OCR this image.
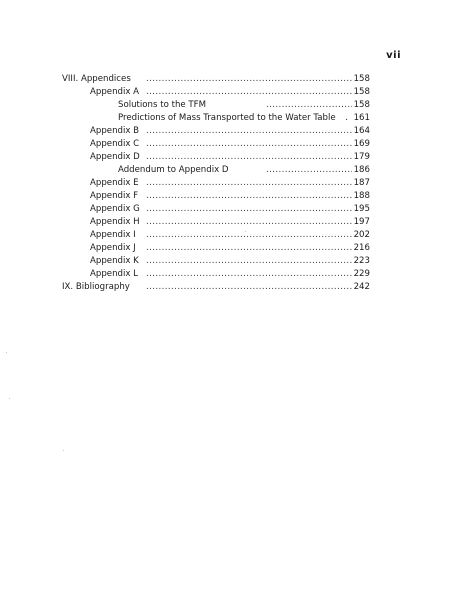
vii
.....
VIII. Appendices	158
.....
Appendix A	158
.....
Solutions to the TFM	158
.
Predictions of Mass Transported to the Water Table 161
.....
Appendix B	164
.....
Appendix C	169
.....
Appendix D	179
.....
Addendum to Appendix D	186
.....
Appendix E	187
.....
Appendix F	188
.....
Appendix G	195
.....
Appendix H	197
.....
Appendix I	202
.....
Appendix J	216
.....
Appendix K	223
.....
Appendix L	229
.....
IX. Bibliography	242
